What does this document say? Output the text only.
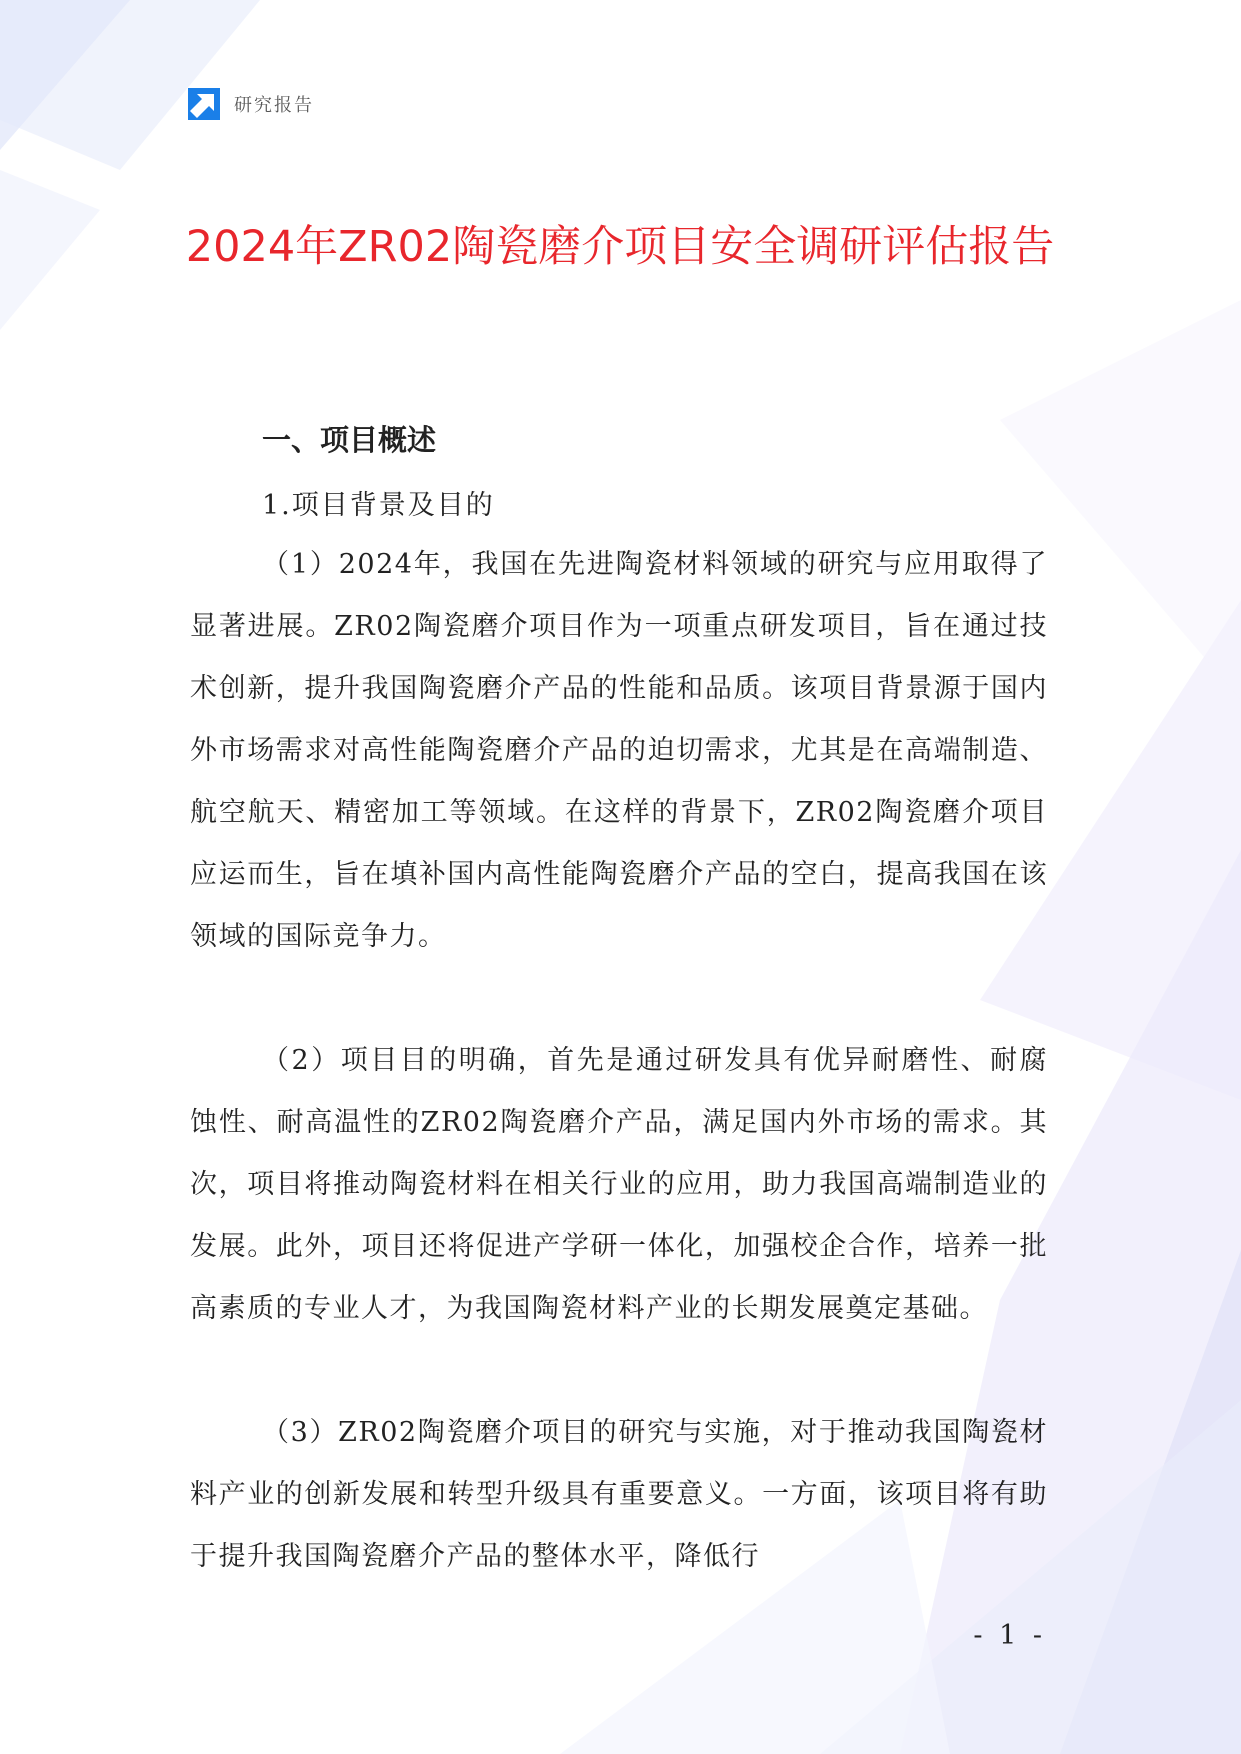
研究报告
2024年ZR02陶瓷磨介项目安全调研评估报告
一、项目概述
1.项目背景及目的

（1）2024年，我国在先进陶瓷材料领域的研究与应用取得了显著进展。ZR02陶瓷磨介项目作为一项重点研发项目，旨在通过技术创新，提升我国陶瓷磨介产品的性能和品质。该项目背景源于国内外市场需求对高性能陶瓷磨介产品的迫切需求，尤其是在高端制造、航空航天、精密加工等领域。在这样的背景下，ZR02陶瓷磨介项目应运而生，旨在填补国内高性能陶瓷磨介产品的空白，提高我国在该领域的国际竞争力。

（2）项目目的明确，首先是通过研发具有优异耐磨性、耐腐蚀性、耐高温性的ZR02陶瓷磨介产品，满足国内外市场的需求。其次，项目将推动陶瓷材料在相关行业的应用，助力我国高端制造业的发展。此外，项目还将促进产学研一体化，加强校企合作，培养一批高素质的专业人才，为我国陶瓷材料产业的长期发展奠定基础。

（3）ZR02陶瓷磨介项目的研究与实施，对于推动我国陶瓷材料产业的创新发展和转型升级具有重要意义。一方面，该项目将有助于提升我国陶瓷磨介产品的整体水平，降低行

- 1 -
